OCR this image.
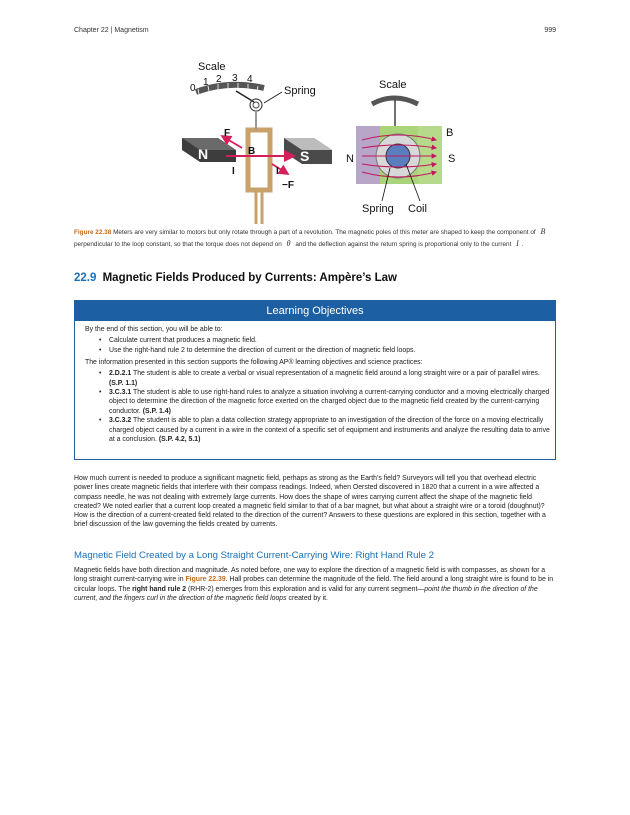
Chapter 22 | Magnetism	999
Scale
0
1 2 3 4
Spring
N	S
B
F
−F
I	I
Scale
N	S
B
Spring Coil
Figure 22.38 Meters are very similar to motors but only rotate through a part of a revolution. The magnetic poles of this meter are shaped to keep the component of B perpendicular to the loop constant, so that the torque does not depend on θ and the deflection against the return spring is proportional only to the current I .
22.9 Magnetic Fields Produced by Currents: Ampère’s Law
Learning Objectives

By the end of this section, you will be able to:

• Calculate current that produces a magnetic field.
• Use the right-hand rule 2 to determine the direction of current or the direction of magnetic field loops.

The information presented in this section supports the following AP® learning objectives and science practices:

• 2.D.2.1 The student is able to create a verbal or visual representation of a magnetic field around a long straight wire or a pair of parallel wires. (S.P. 1.1)
• 3.C.3.1 The student is able to use right-hand rules to analyze a situation involving a current-carrying conductor and a moving electrically charged object to determine the direction of the magnetic force exerted on the charged object due to the magnetic field created by the current-carrying conductor. (S.P. 1.4)
• 3.C.3.2 The student is able to plan a data collection strategy appropriate to an investigation of the direction of the force on a moving electrically charged object caused by a current in a wire in the context of a specific set of equipment and instruments and analyze the resulting data to arrive at a conclusion. (S.P. 4.2, 5.1)

How much current is needed to produce a significant magnetic field, perhaps as strong as the Earth’s field? Surveyors will tell you that overhead electric power lines create magnetic fields that interfere with their compass readings. Indeed, when Oersted discovered in 1820 that a current in a wire affected a compass needle, he was not dealing with extremely large currents. How does the shape of wires carrying current affect the shape of the magnetic field created? We noted earlier that a current loop created a magnetic field similar to that of a bar magnet, but what about a straight wire or a toroid (doughnut)? How is the direction of a current-created field related to the direction of the current? Answers to these questions are explored in this section, together with a brief discussion of the law governing the fields created by currents.

Magnetic Field Created by a Long Straight Current-Carrying Wire: Right Hand Rule 2

Magnetic fields have both direction and magnitude. As noted before, one way to explore the direction of a magnetic field is with compasses, as shown for a long straight current-carrying wire in Figure 22.39. Hall probes can determine the magnitude of the field. The field around a long straight wire is found to be in circular loops. The right hand rule 2 (RHR-2) emerges from this exploration and is valid for any current segment—point the thumb in the direction of the current, and the fingers curl in the direction of the magnetic field loops created by it.
